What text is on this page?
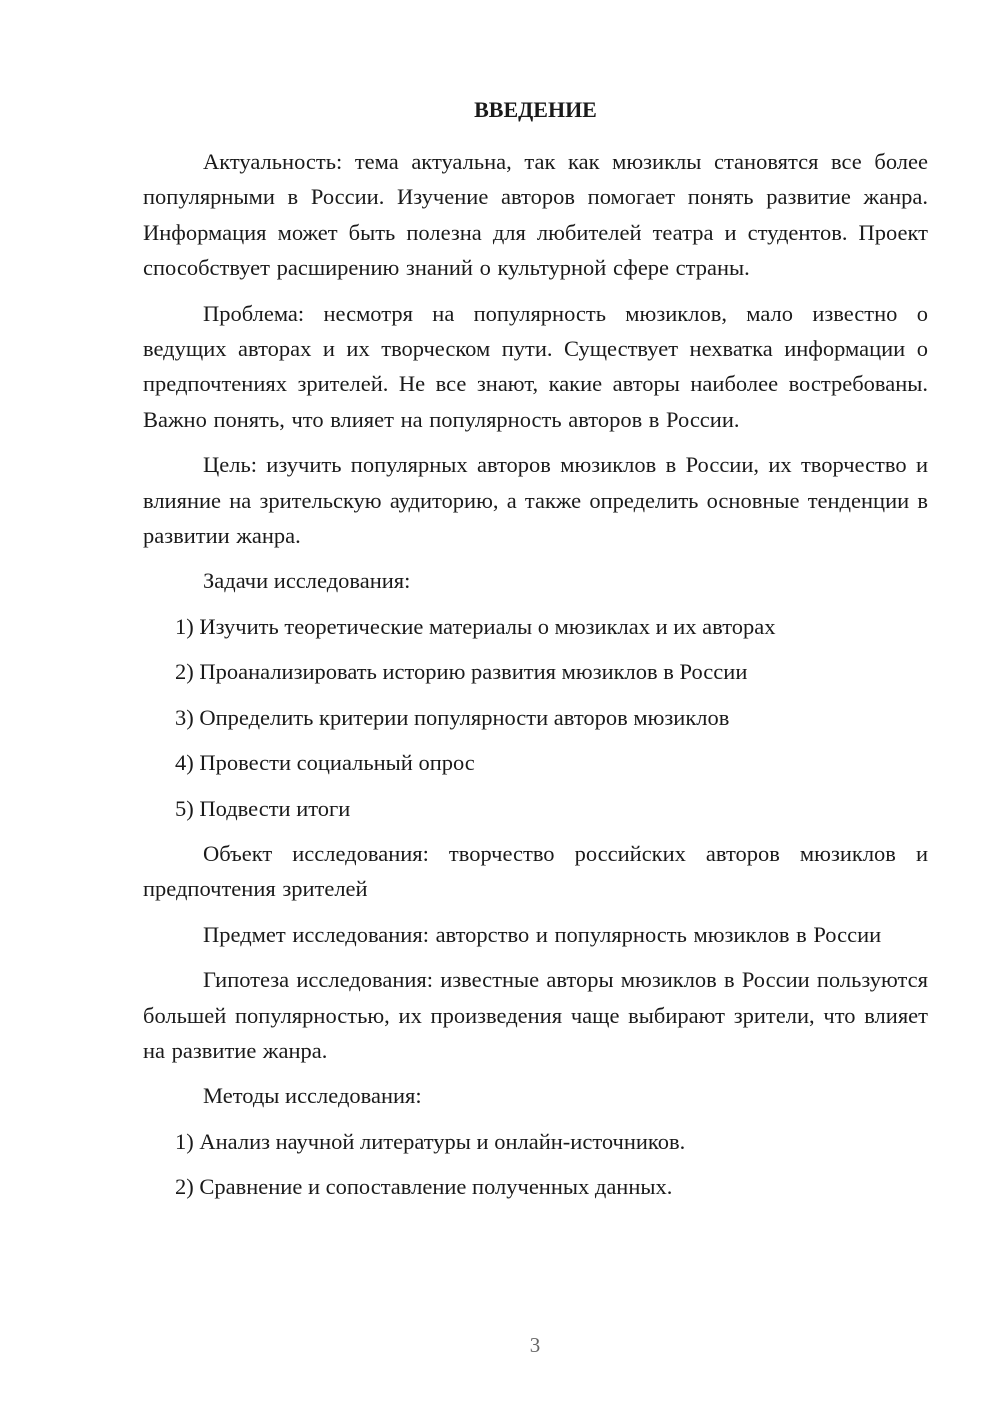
ВВЕДЕНИЕ

Актуальность: тема актуальна, так как мюзиклы становятся все более популярными в России. Изучение авторов помогает понять развитие жанра. Информация может быть полезна для любителей театра и студентов. Проект способствует расширению знаний о культурной сфере страны.

Проблема: несмотря на популярность мюзиклов, мало известно о ведущих авторах и их творческом пути. Существует нехватка информации о предпочтениях зрителей. Не все знают, какие авторы наиболее востребованы. Важно понять, что влияет на популярность авторов в России.

Цель: изучить популярных авторов мюзиклов в России, их творчество и влияние на зрительскую аудиторию, а также определить основные тенденции в развитии жанра.

Задачи исследования:

1) Изучить теоретические материалы о мюзиклах и их авторах

2) Проанализировать историю развития мюзиклов в России

3) Определить критерии популярности авторов мюзиклов

4) Провести социальный опрос

5) Подвести итоги

Объект исследования: творчество российских авторов мюзиклов и предпочтения зрителей

Предмет исследования: авторство и популярность мюзиклов в России

Гипотеза исследования: известные авторы мюзиклов в России пользуются большей популярностью, их произведения чаще выбирают зрители, что влияет на развитие жанра.

Методы исследования:

1) Анализ научной литературы и онлайн-источников.

2) Сравнение и сопоставление полученных данных.

3
